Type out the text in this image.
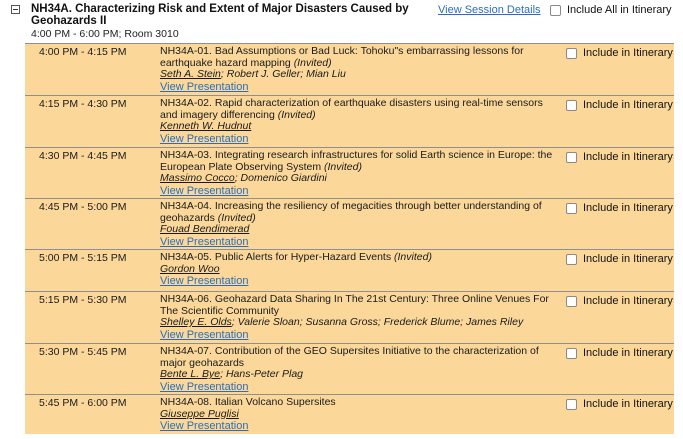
NH34A. Characterizing Risk and Extent of Major Disasters Caused by Geohazards II
4:00 PM - 6:00 PM; Room 3010
View Session Details Include All in Itinerary
4:00 PM - 4:15 PM	NH34A-01. Bad Assumptions or Bad Luck: Tohoku"s embarrassing lessons for earthquake hazard mapping (Invited)
Seth A. Stein; Robert J. Geller; Mian Liu
View Presentation
Include in Itinerary
4:15 PM - 4:30 PM	NH34A-02. Rapid characterization of earthquake disasters using real-time sensors and imagery differencing (Invited)
Kenneth W. Hudnut
View Presentation
Include in Itinerary
4:30 PM - 4:45 PM	NH34A-03. Integrating research infrastructures for solid Earth science in Europe: the European Plate Observing System (Invited)
Massimo Cocco; Domenico Giardini
View Presentation
Include in Itinerary
4:45 PM - 5:00 PM	NH34A-04. Increasing the resiliency of megacities through better understanding of geohazards (Invited)
Fouad Bendimerad
View Presentation
Include in Itinerary
5:00 PM - 5:15 PM	NH34A-05. Public Alerts for Hyper-Hazard Events (Invited)
Gordon Woo
View Presentation
Include in Itinerary
5:15 PM - 5:30 PM	NH34A-06. Geohazard Data Sharing In The 21st Century: Three Online Venues For The Scientific Community
Shelley E. Olds; Valerie Sloan; Susanna Gross; Frederick Blume; James Riley
View Presentation
Include in Itinerary
5:30 PM - 5:45 PM	NH34A-07. Contribution of the GEO Supersites Initiative to the characterization of major geohazards
Bente L. Bye; Hans-Peter Plag
View Presentation
Include in Itinerary
5:45 PM - 6:00 PM	NH34A-08. Italian Volcano Supersites
Giuseppe Puglisi
View Presentation
Include in Itinerary
